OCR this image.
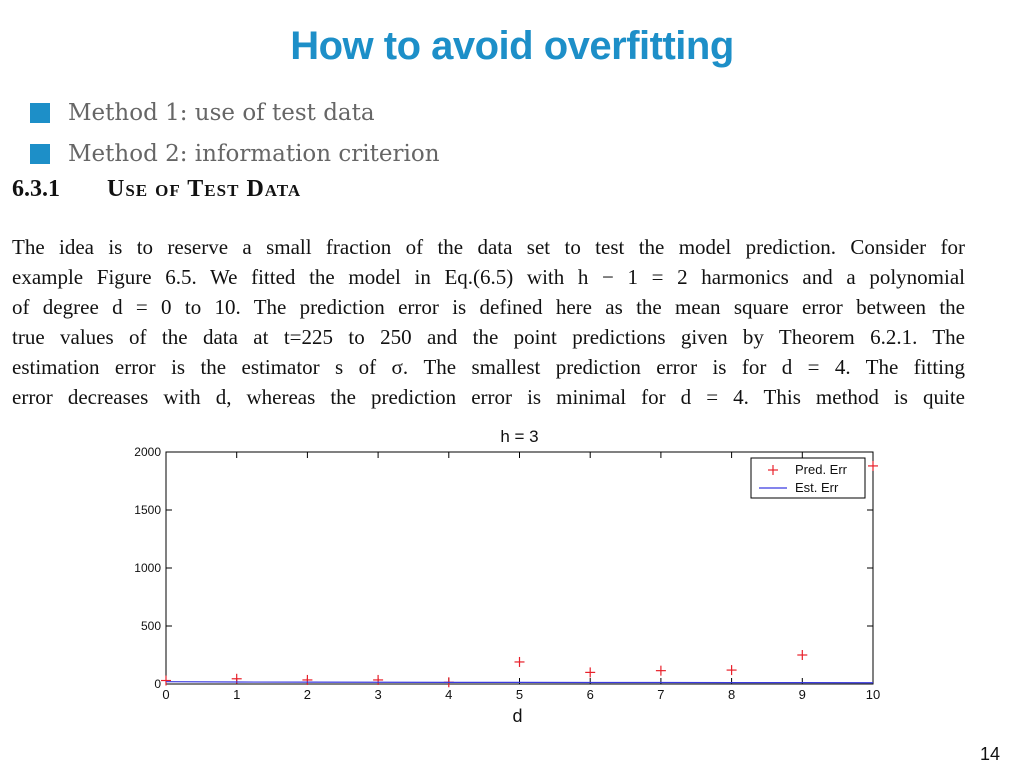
How to avoid overfitting
Method 1: use of test data
Method 2: information criterion
6.3.1 Use of Test Data
The idea is to reserve a small fraction of the data set to test the model prediction. Consider for
example Figure 6.5. We fitted the model in Eq.(6.5) with h − 1 = 2 harmonics and a polynomial
of degree d = 0 to 10. The prediction error is defined here as the mean square error between the
true values of the data at t=225 to 250 and the point predictions given by Theorem 6.2.1. The
estimation error is the estimator s of σ. The smallest prediction error is for d = 4. The fitting
error decreases with d, whereas the prediction error is minimal for d = 4. This method is quite
h = 3
0	1	2	3	4	5	6	7	8	9	10
0
500
1000
1500
2000
d
Pred. Err
Est. Err
14
